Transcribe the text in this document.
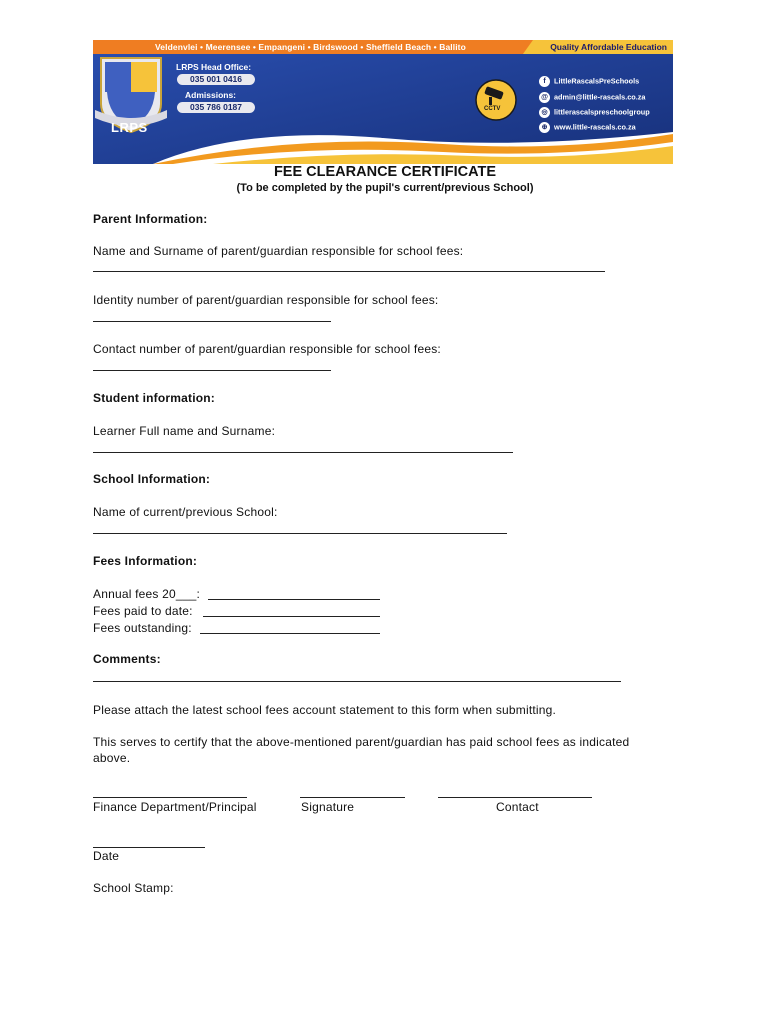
Veldenvlei • Meerensee • Empangeni • Birdswood • Sheffield Beach • Ballito	Quality Affordable Education
LRPS Head Office:
035 001 0416
Admissions:
035 786 0187
LRPS
CCTV
f LittleRascalsPreSchools
@ admin@little-rascals.co.za
◎ littlerascalspreschoolgroup
⊕ www.little-rascals.co.za
FEE CLEARANCE CERTIFICATE
(To be completed by the pupil's current/previous School)
Parent Information:
Name and Surname of parent/guardian responsible for school fees:
Identity number of parent/guardian responsible for school fees:
Contact number of parent/guardian responsible for school fees:
Student information:
Learner Full name and Surname:
School Information:
Name of current/previous School:
Fees Information:
Annual fees 20___:
Fees paid to date:
Fees outstanding:
Comments:
Please attach the latest school fees account statement to this form when submitting.
This serves to certify that the above-mentioned parent/guardian has paid school fees as indicated
above.
Finance Department/Principal	Signature	Contact
Date
School Stamp:
